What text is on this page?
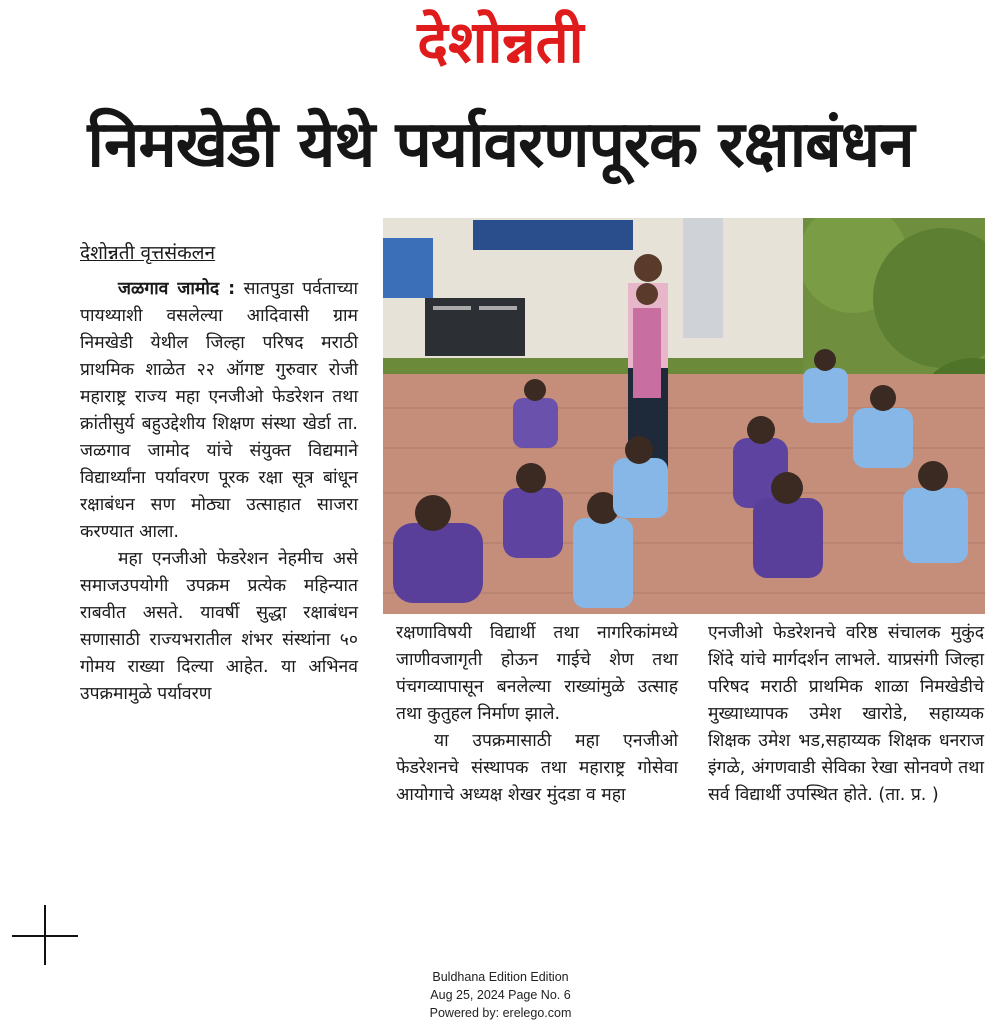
देशोन्नती
निमखेडी येथे पर्यावरणपूरक रक्षाबंधन
देशोन्नती वृत्तसंकलन

जळगाव जामोद : सातपुडा पर्वताच्या पायथ्याशी वसलेल्या आदिवासी ग्राम निमखेडी येथील जिल्हा परिषद मराठी प्राथमिक शाळेत २२ ऑगष्ट गुरुवार रोजी महाराष्ट्र राज्य महा एनजीओ फेडरेशन तथा क्रांतीसुर्य बहुउद्देशीय शिक्षण संस्था खेर्डा ता. जळगाव जामोद यांचे संयुक्त विद्यमाने विद्यार्थ्यांना पर्यावरण पूरक रक्षा सूत्र बांधून रक्षाबंधन सण मोठ्या उत्साहात साजरा करण्यात आला.

महा एनजीओ फेडरेशन नेहमीच असे समाजउपयोगी उपक्रम प्रत्येक महिन्यात राबवीत असते. यावर्षी सुद्धा रक्षाबंधन सणासाठी राज्यभरातील शंभर संस्थांना ५० गोमय राख्या दिल्या आहेत. या अभिनव उपक्रमामुळे पर्यावरण

रक्षणाविषयी विद्यार्थी तथा नागरिकांमध्ये जाणीवजागृती होऊन गाईचे शेण तथा पंचगव्यापासून बनलेल्या राख्यांमुळे उत्साह तथा कुतुहल निर्माण झाले.

या उपक्रमासाठी महा एनजीओ फेडरेशनचे संस्थापक तथा महाराष्ट्र गोसेवा आयोगाचे अध्यक्ष शेखर मुंदडा व महा

एनजीओ फेडरेशनचे वरिष्ठ संचालक मुकुंद शिंदे यांचे मार्गदर्शन लाभले. याप्रसंगी जिल्हा परिषद मराठी प्राथमिक शाळा निमखेडीचे मुख्याध्यापक उमेश खारोडे, सहाय्यक शिक्षक उमेश भड,सहाय्यक शिक्षक धनराज इंगळे, अंगणवाडी सेविका रेखा सोनवणे तथा सर्व विद्यार्थी उपस्थित होते. (ता. प्र. )

Buldhana Edition Edition
Aug 25, 2024 Page No. 6
Powered by: erelego.com
